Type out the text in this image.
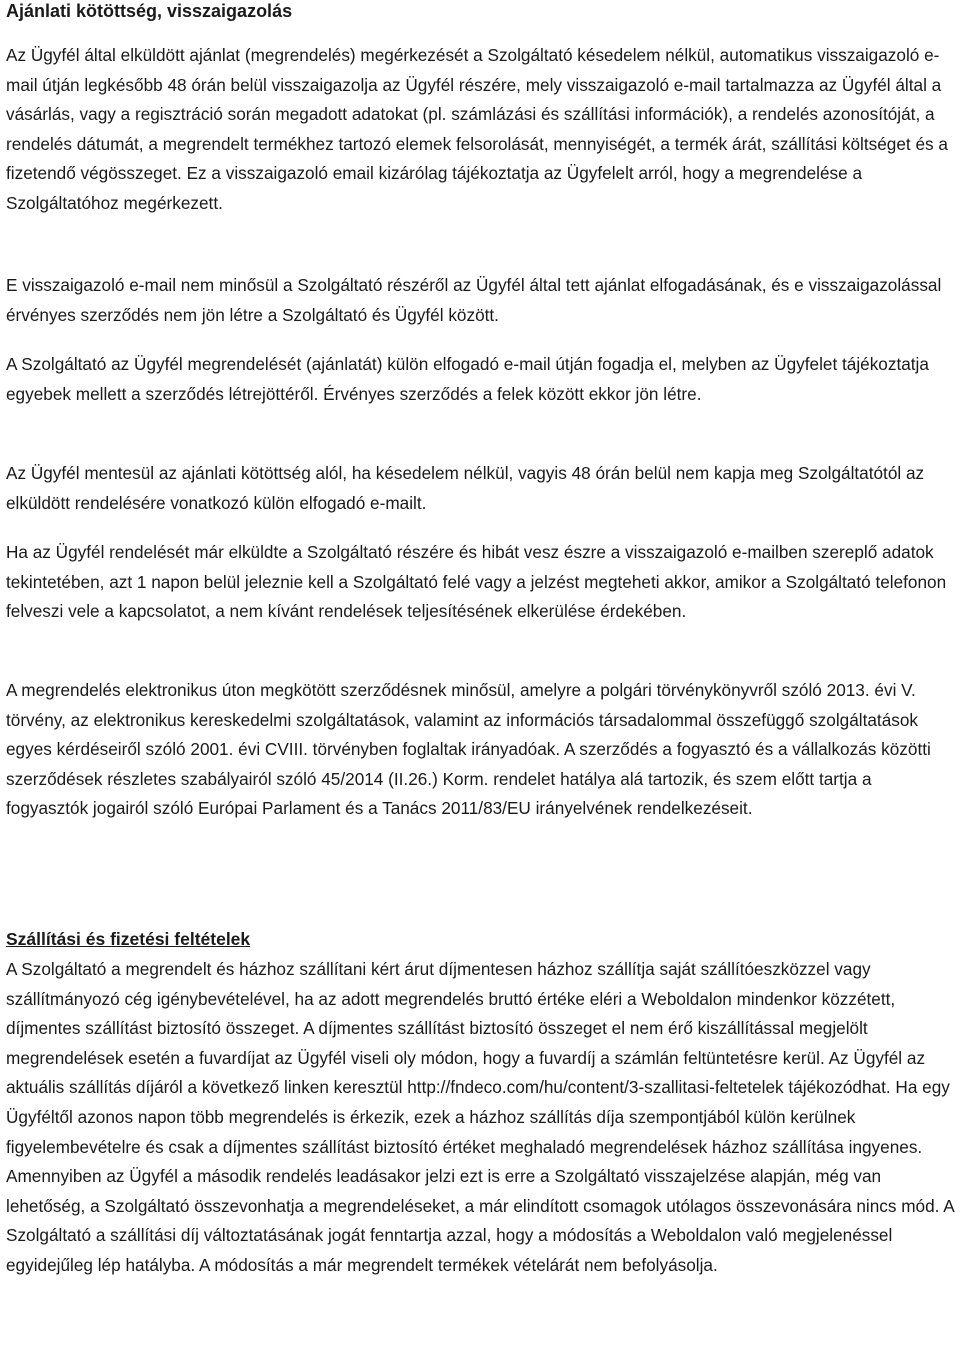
Ajánlati kötöttség, visszaigazolás

Az Ügyfél által elküldött ajánlat (megrendelés) megérkezését a Szolgáltató késedelem nélkül, automatikus visszaigazoló e-mail útján legkésőbb 48 órán belül visszaigazolja az Ügyfél részére, mely visszaigazoló e-mail tartalmazza az Ügyfél által a vásárlás, vagy a regisztráció során megadott adatokat (pl. számlázási és szállítási információk), a rendelés azonosítóját, a rendelés dátumát, a megrendelt termékhez tartozó elemek felsorolását, mennyiségét, a termék árát, szállítási költséget és a fizetendő végösszeget. Ez a visszaigazoló email kizárólag tájékoztatja az Ügyfelelt arról, hogy a megrendelése a Szolgáltatóhoz megérkezett.

E visszaigazoló e-mail nem minősül a Szolgáltató részéről az Ügyfél által tett ajánlat elfogadásának, és e visszaigazolással érvényes szerződés nem jön létre a Szolgáltató és Ügyfél között.

A Szolgáltató az Ügyfél megrendelését (ajánlatát) külön elfogadó e-mail útján fogadja el, melyben az Ügyfelet tájékoztatja egyebek mellett a szerződés létrejöttéről. Érvényes szerződés a felek között ekkor jön létre.

Az Ügyfél mentesül az ajánlati kötöttség alól, ha késedelem nélkül, vagyis 48 órán belül nem kapja meg Szolgáltatótól az elküldött rendelésére vonatkozó külön elfogadó e-mailt.

Ha az Ügyfél rendelését már elküldte a Szolgáltató részére és hibát vesz észre a visszaigazoló e-mailben szereplő adatok tekintetében, azt 1 napon belül jeleznie kell a Szolgáltató felé vagy a jelzést megteheti akkor, amikor a Szolgáltató telefonon felveszi vele a kapcsolatot, a nem kívánt rendelések teljesítésének elkerülése érdekében.

A megrendelés elektronikus úton megkötött szerződésnek minősül, amelyre a polgári törvénykönyvről szóló 2013. évi V. törvény, az elektronikus kereskedelmi szolgáltatások, valamint az információs társadalommal összefüggő szolgáltatások egyes kérdéseiről szóló 2001. évi CVIII. törvényben foglaltak irányadóak. A szerződés a fogyasztó és a vállalkozás közötti szerződések részletes szabályairól szóló 45/2014 (II.26.) Korm. rendelet hatálya alá tartozik, és szem előtt tartja a fogyasztók jogairól szóló Európai Parlament és a Tanács 2011/83/EU irányelvének rendelkezéseit.

Szállítási és fizetési feltételek

A Szolgáltató a megrendelt és házhoz szállítani kért árut díjmentesen házhoz szállítja saját szállítóeszközzel vagy szállítmányozó cég igénybevételével, ha az adott megrendelés bruttó értéke eléri a Weboldalon mindenkor közzétett, díjmentes szállítást biztosító összeget. A díjmentes szállítást biztosító összeget el nem érő kiszállítással megjelölt megrendelések esetén a fuvardíjat az Ügyfél viseli oly módon, hogy a fuvardíj a számlán feltüntetésre kerül. Az Ügyfél az aktuális szállítás díjáról a következő linken keresztül http://fndeco.com/hu/content/3-szallitasi-feltetelek tájékozódhat. Ha egy Ügyféltől azonos napon több megrendelés is érkezik, ezek a házhoz szállítás díja szempontjából külön kerülnek figyelembevételre és csak a díjmentes szállítást biztosító értéket meghaladó megrendelések házhoz szállítása ingyenes. Amennyiben az Ügyfél a második rendelés leadásakor jelzi ezt is erre a Szolgáltató visszajelzése alapján, még van lehetőség, a Szolgáltató összevonhatja a megrendeléseket, a már elindított csomagok utólagos összevonására nincs mód. A Szolgáltató a szállítási díj változtatásának jogát fenntartja azzal, hogy a módosítás a Weboldalon való megjelenéssel egyidejűleg lép hatályba. A módosítás a már megrendelt termékek vételárát nem befolyásolja.
